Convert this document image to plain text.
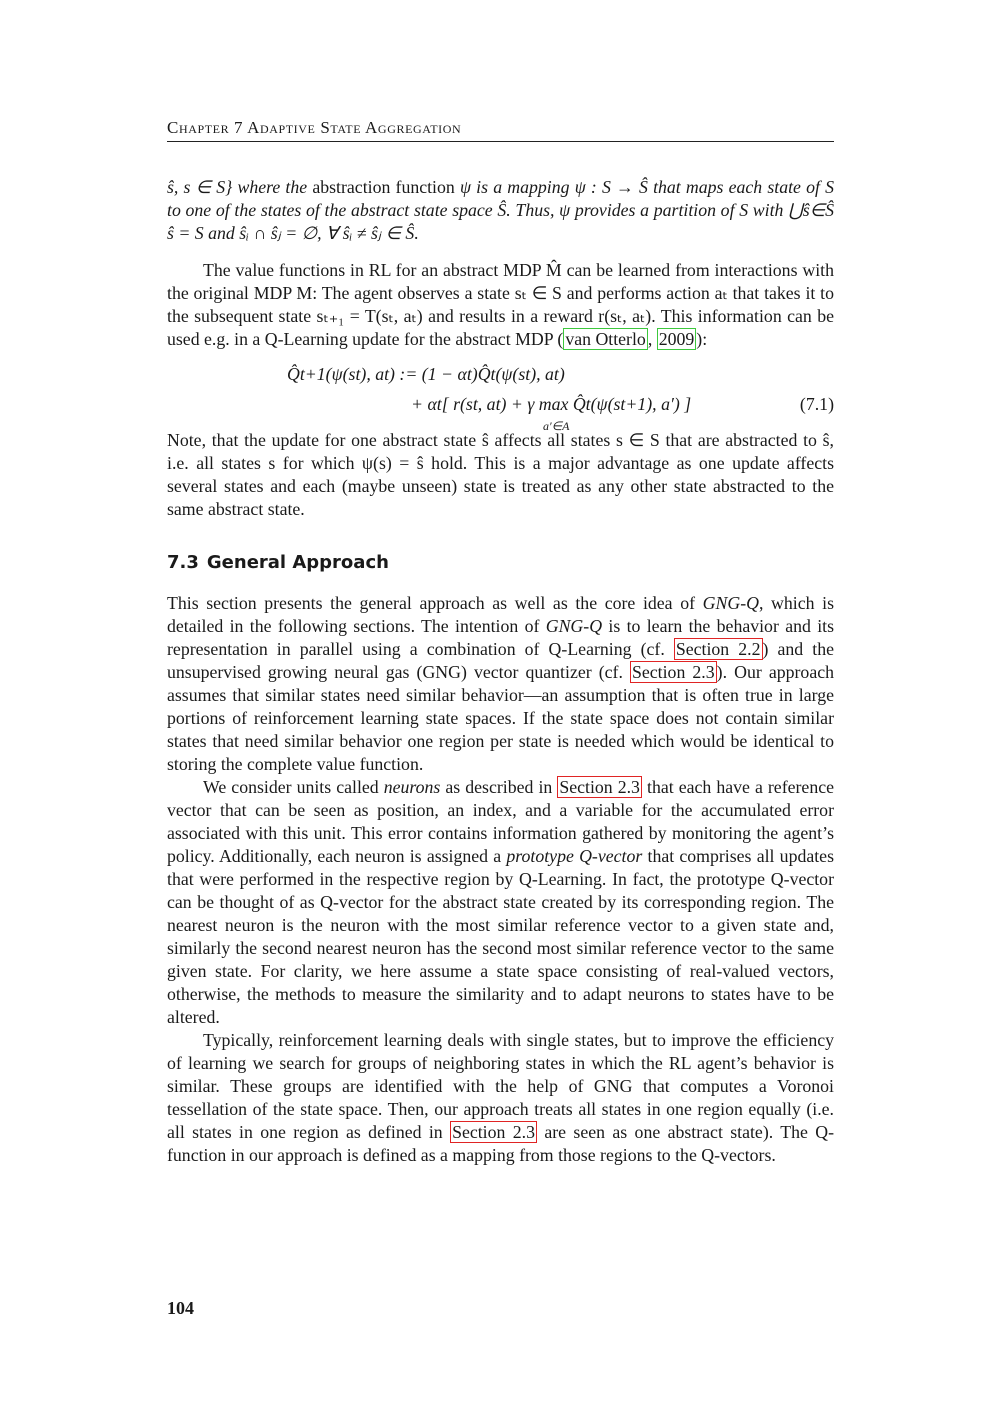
Chapter 7 Adaptive State Aggregation

ŝ, s ∈ S} where the abstraction function ψ is a mapping ψ : S → Ŝ that maps each state of S to one of the states of the abstract state space Ŝ. Thus, ψ provides a partition of S with ⋃ŝ∈Ŝ ŝ = S and ŝᵢ ∩ ŝⱼ = ∅, ∀ ŝᵢ ≠ ŝⱼ ∈ Ŝ.

The value functions in RL for an abstract MDP M̂ can be learned from interactions with the original MDP M: The agent observes a state sₜ ∈ S and performs action aₜ that takes it to the subsequent state sₜ₊₁ = T(sₜ, aₜ) and results in a reward r(sₜ, aₜ). This information can be used e.g. in a Q-Learning update for the abstract MDP ( van Otterlo , 2009 ):

Q̂t+1(ψ(st), at) := (1 − αt)Q̂t(ψ(st), at)
+ αt[ r(st, at) + γ max Q̂t(ψ(st+1), a′) ]
a′∈A
(7.1)

Note, that the update for one abstract state ŝ affects all states s ∈ S that are abstracted to ŝ, i.e. all states s for which ψ(s) = ŝ hold. This is a major advantage as one update affects several states and each (maybe unseen) state is treated as any other state abstracted to the same abstract state.

7.3 General Approach

This section presents the general approach as well as the core idea of GNG-Q, which is detailed in the following sections. The intention of GNG-Q is to learn the behavior and its representation in parallel using a combination of Q-Learning (cf. Section 2.2 ) and the unsupervised growing neural gas (GNG) vector quantizer (cf. Section 2.3 ). Our approach assumes that similar states need similar behavior—an assumption that is often true in large portions of reinforcement learning state spaces. If the state space does not contain similar states that need similar behavior one region per state is needed which would be identical to storing the complete value function.

We consider units called neurons as described in Section 2.3 that each have a reference vector that can be seen as position, an index, and a variable for the accumulated error associated with this unit. This error contains information gathered by monitoring the agent’s policy. Additionally, each neuron is assigned a prototype Q-vector that comprises all updates that were performed in the respective region by Q-Learning. In fact, the prototype Q-vector can be thought of as Q-vector for the abstract state created by its corresponding region. The nearest neuron is the neuron with the most similar reference vector to a given state and, similarly the second nearest neuron has the second most similar reference vector to the same given state. For clarity, we here assume a state space consisting of real-valued vectors, otherwise, the methods to measure the similarity and to adapt neurons to states have to be altered.

Typically, reinforcement learning deals with single states, but to improve the efficiency of learning we search for groups of neighboring states in which the RL agent’s behavior is similar. These groups are identified with the help of GNG that computes a Voronoi tessellation of the state space. Then, our approach treats all states in one region equally (i.e. all states in one region as defined in Section 2.3 are seen as one abstract state). The Q-function in our approach is defined as a mapping from those regions to the Q-vectors.

104
